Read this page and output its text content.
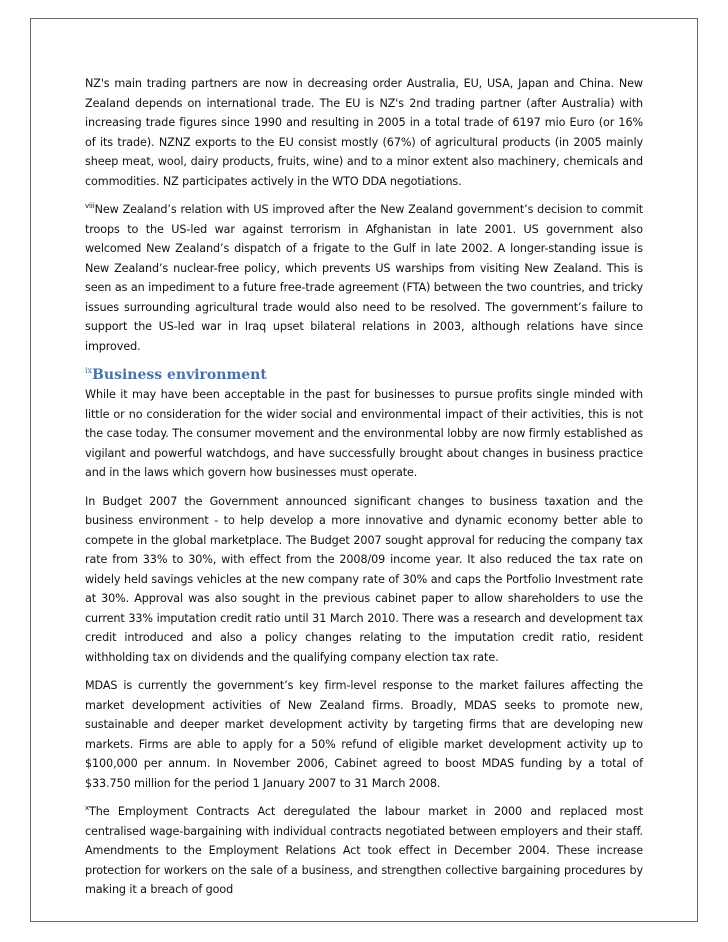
NZ's main trading partners are now in decreasing order Australia, EU, USA, Japan and China. New Zealand depends on international trade. The EU is NZ's 2nd trading partner (after Australia) with increasing trade figures since 1990 and resulting in 2005 in a total trade of 6197 mio Euro (or 16% of its trade). NZNZ exports to the EU consist mostly (67%) of agricultural products (in 2005 mainly sheep meat, wool, dairy products, fruits, wine) and to a minor extent also machinery, chemicals and commodities. NZ participates actively in the WTO DDA negotiations.

$^{viii}$New Zealand’s relation with US improved after the New Zealand government’s decision to commit troops to the US-led war against terrorism in Afghanistan in late 2001. US government also welcomed New Zealand’s dispatch of a frigate to the Gulf in late 2002. A longer-standing issue is New Zealand’s nuclear-free policy, which prevents US warships from visiting New Zealand. This is seen as an impediment to a future free-trade agreement (FTA) between the two countries, and tricky issues surrounding agricultural trade would also need to be resolved. The government’s failure to support the US-led war in Iraq upset bilateral relations in 2003, although relations have since improved.

$^{ix}$Business environment

While it may have been acceptable in the past for businesses to pursue profits single minded with little or no consideration for the wider social and environmental impact of their activities, this is not the case today. The consumer movement and the environmental lobby are now firmly established as vigilant and powerful watchdogs, and have successfully brought about changes in business practice and in the laws which govern how businesses must operate.

In Budget 2007 the Government announced significant changes to business taxation and the business environment - to help develop a more innovative and dynamic economy better able to compete in the global marketplace. The Budget 2007 sought approval for reducing the company tax rate from 33% to 30%, with effect from the 2008/09 income year. It also reduced the tax rate on widely held savings vehicles at the new company rate of 30% and caps the Portfolio Investment rate at 30%. Approval was also sought in the previous cabinet paper to allow shareholders to use the current 33% imputation credit ratio until 31 March 2010. There was a research and development tax credit introduced and also a policy changes relating to the imputation credit ratio, resident withholding tax on dividends and the qualifying company election tax rate.

MDAS is currently the government’s key firm-level response to the market failures affecting the market development activities of New Zealand firms. Broadly, MDAS seeks to promote new, sustainable and deeper market development activity by targeting firms that are developing new markets. Firms are able to apply for a 50% refund of eligible market development activity up to $100,000 per annum. In November 2006, Cabinet agreed to boost MDAS funding by a total of $33.750 million for the period 1 January 2007 to 31 March 2008.

$^x$The Employment Contracts Act deregulated the labour market in 2000 and replaced most centralised wage-bargaining with individual contracts negotiated between employers and their staff. Amendments to the Employment Relations Act took effect in December 2004. These increase protection for workers on the sale of a business, and strengthen collective bargaining procedures by making it a breach of good
